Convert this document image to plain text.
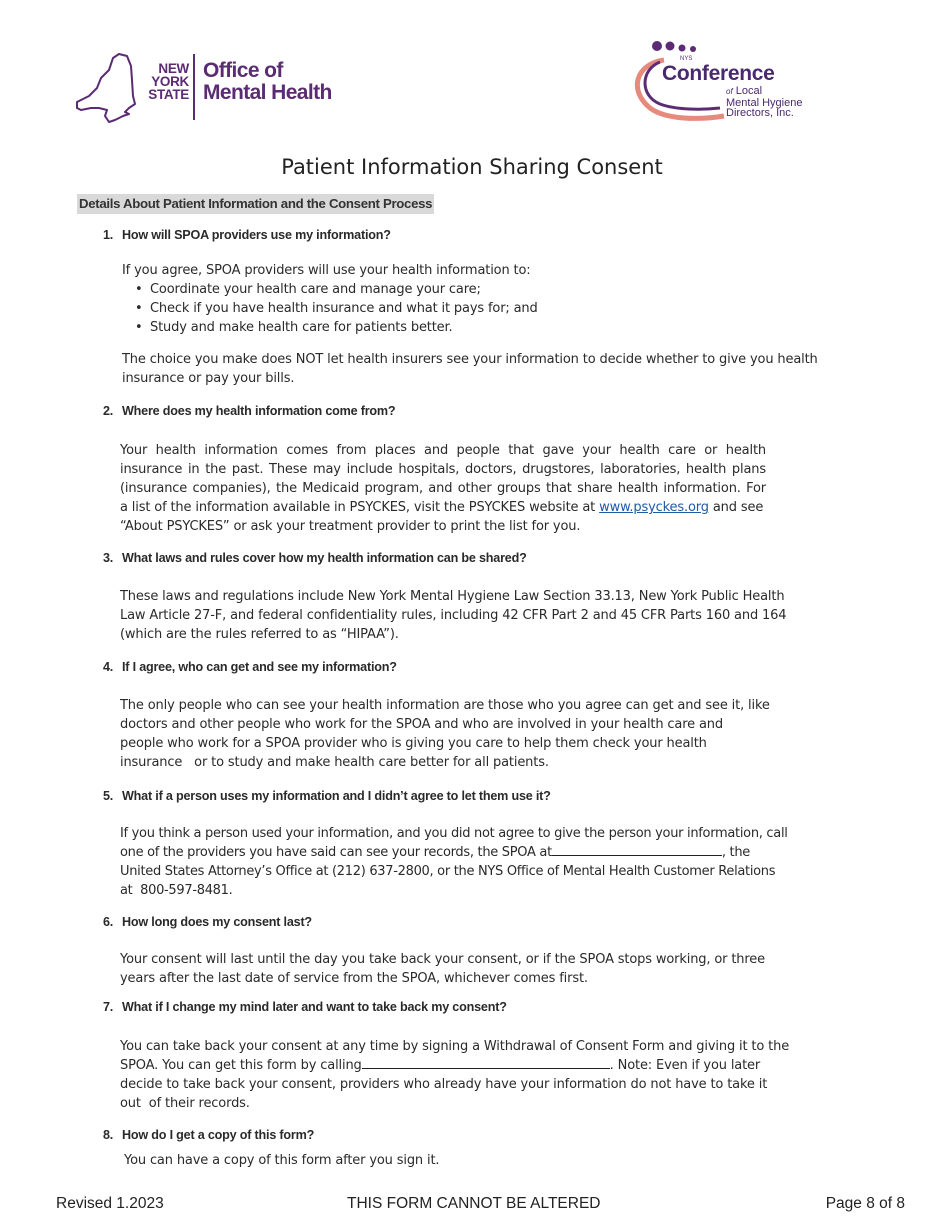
NEW
YORK
STATE
Office of
Mental Health
NYS
Conference
of Local
Mental Hygiene
Directors, Inc.
Patient Information Sharing Consent
Details About Patient Information and the Consent Process
1. How will SPOA providers use my information?
If you agree, SPOA providers will use your health information to:
• Coordinate your health care and manage your care;
• Check if you have health insurance and what it pays for; and
• Study and make health care for patients better.
The choice you make does NOT let health insurers see your information to decide whether to give you health
insurance or pay your bills.
2. Where does my health information come from?
Your health information comes from places and people that gave your health care or health
insurance in the past. These may include hospitals, doctors, drugstores, laboratories, health plans
(insurance companies), the Medicaid program, and other groups that share health information. For
a list of the information available in PSYCKES, visit the PSYCKES website at www.psyckes.org and see
“About PSYCKES” or ask your treatment provider to print the list for you.
3. What laws and rules cover how my health information can be shared?
These laws and regulations include New York Mental Hygiene Law Section 33.13, New York Public Health
Law Article 27-F, and federal confidentiality rules, including 42 CFR Part 2 and 45 CFR Parts 160 and 164
(which are the rules referred to as “HIPAA”).
4. If I agree, who can get and see my information?
The only people who can see your health information are those who you agree can get and see it, like
doctors and other people who work for the SPOA and who are involved in your health care and
people who work for a SPOA provider who is giving you care to help them check your health
insurance   or to study and make health care better for all patients.
5. What if a person uses my information and I didn’t agree to let them use it?
If you think a person used your information, and you did not agree to give the person your information, call
one of the providers you have said can see your records, the SPOA at	, the
United States Attorney’s Office at (212) 637-2800, or the NYS Office of Mental Health Customer Relations
at  800-597-8481.
6. How long does my consent last?
Your consent will last until the day you take back your consent, or if the SPOA stops working, or three
years after the last date of service from the SPOA, whichever comes first.
7. What if I change my mind later and want to take back my consent?
You can take back your consent at any time by signing a Withdrawal of Consent Form and giving it to the
SPOA. You can get this form by calling	. Note: Even if you later
decide to take back your consent, providers who already have your information do not have to take it
out  of their records.
8. How do I get a copy of this form?
You can have a copy of this form after you sign it.
Revised 1.2023	THIS FORM CANNOT BE ALTERED	Page 8 of 8
